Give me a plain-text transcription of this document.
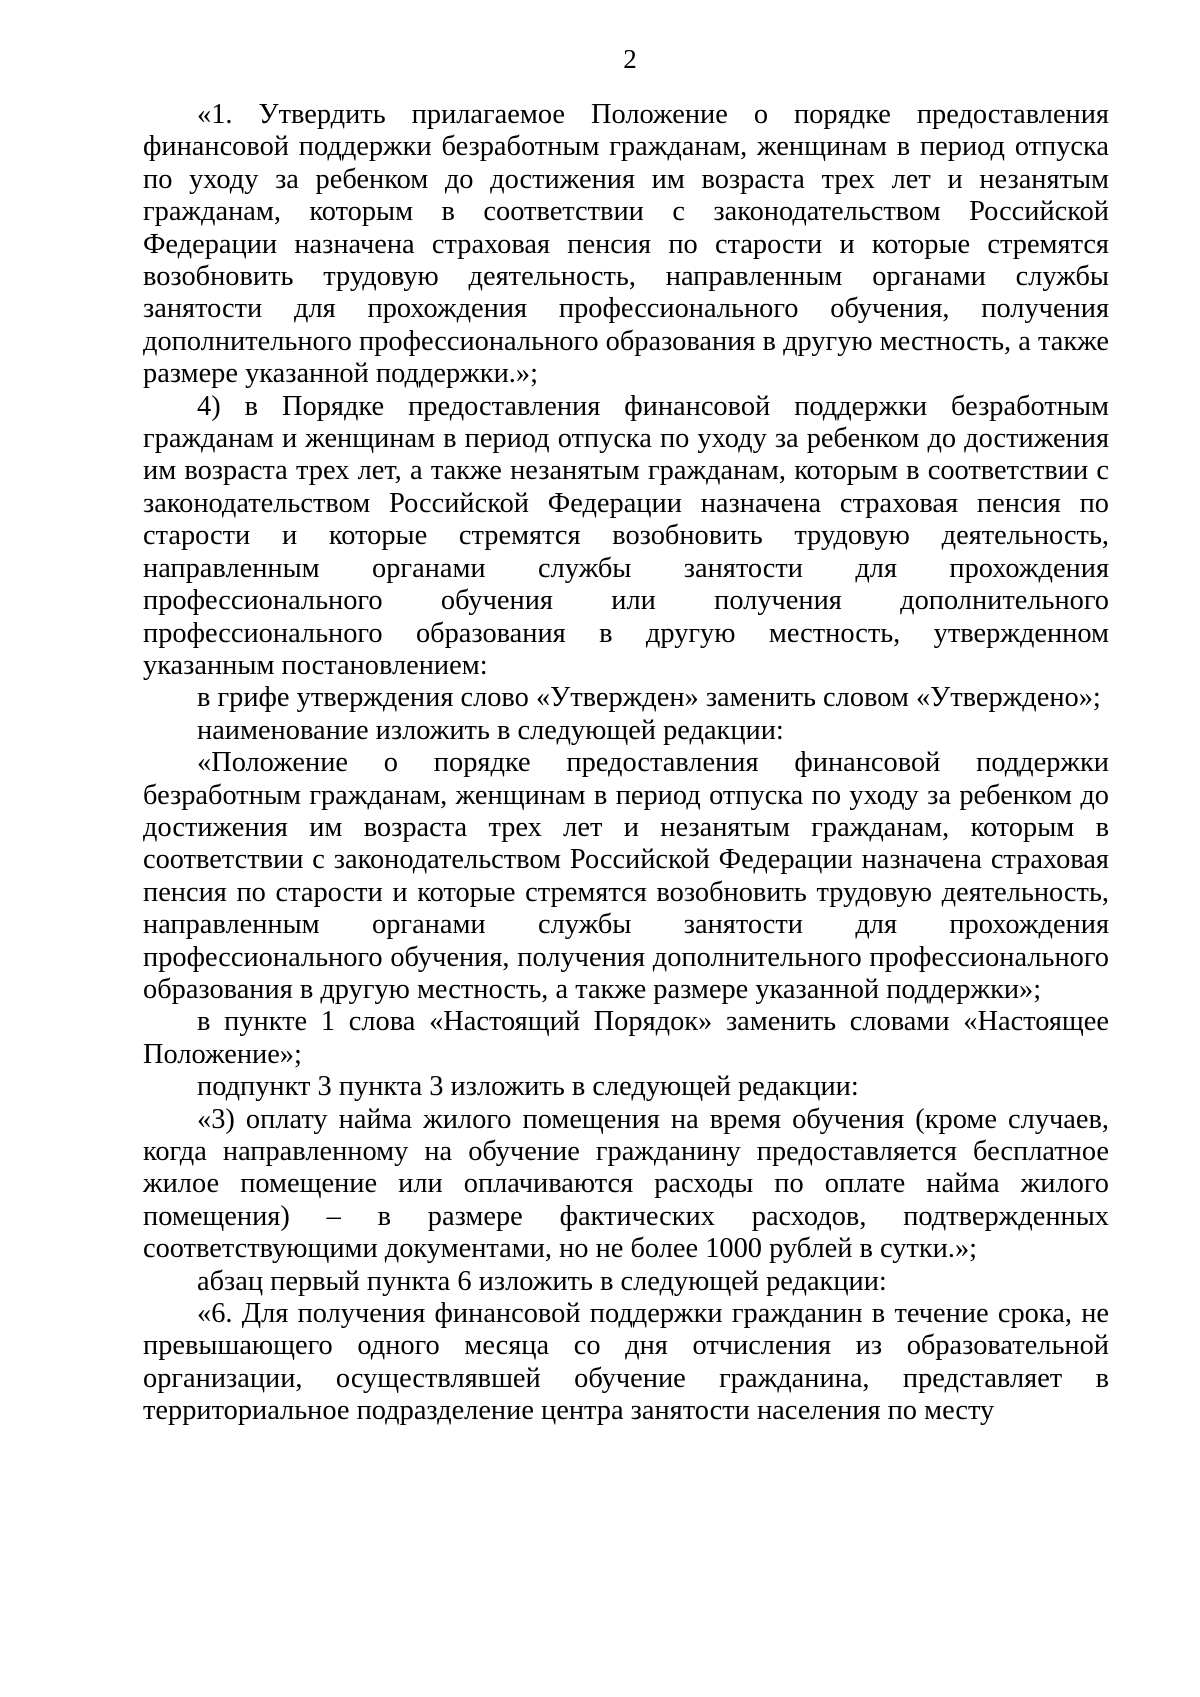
2

«1. Утвердить прилагаемое Положение о порядке предоставления финансовой поддержки безработным гражданам, женщинам в период отпуска по уходу за ребенком до достижения им возраста трех лет и незанятым гражданам, которым в соответствии с законодательством Российской Федерации назначена страховая пенсия по старости и которые стремятся возобновить трудовую деятельность, направленным органами службы занятости для прохождения профессионального обучения, получения дополнительного профессионального образования в другую местность, а также размере указанной поддержки.»;

4) в Порядке предоставления финансовой поддержки безработным гражданам и женщинам в период отпуска по уходу за ребенком до достижения им возраста трех лет, а также незанятым гражданам, которым в соответствии с законодательством Российской Федерации назначена страховая пенсия по старости и которые стремятся возобновить трудовую деятельность, направленным органами службы занятости для прохождения профессионального обучения или получения дополнительного профессионального образования в другую местность, утвержденном указанным постановлением:

в грифе утверждения слово «Утвержден» заменить словом «Утверждено»;

наименование изложить в следующей редакции:

«Положение о порядке предоставления финансовой поддержки безработным гражданам, женщинам в период отпуска по уходу за ребенком до достижения им возраста трех лет и незанятым гражданам, которым в соответствии с законодательством Российской Федерации назначена страховая пенсия по старости и которые стремятся возобновить трудовую деятельность, направленным органами службы занятости для прохождения профессионального обучения, получения дополнительного профессионального образования в другую местность, а также размере указанной поддержки»;

в пункте 1 слова «Настоящий Порядок» заменить словами «Настоящее Положение»;

подпункт 3 пункта 3 изложить в следующей редакции:

«3) оплату найма жилого помещения на время обучения (кроме случаев, когда направленному на обучение гражданину предоставляется бесплатное жилое помещение или оплачиваются расходы по оплате найма жилого помещения) – в размере фактических расходов, подтвержденных соответствующими документами, но не более 1000 рублей в сутки.»;

абзац первый пункта 6 изложить в следующей редакции:

«6. Для получения финансовой поддержки гражданин в течение срока, не превышающего одного месяца со дня отчисления из образовательной организации, осуществлявшей обучение гражданина, представляет в территориальное подразделение центра занятости населения по месту
